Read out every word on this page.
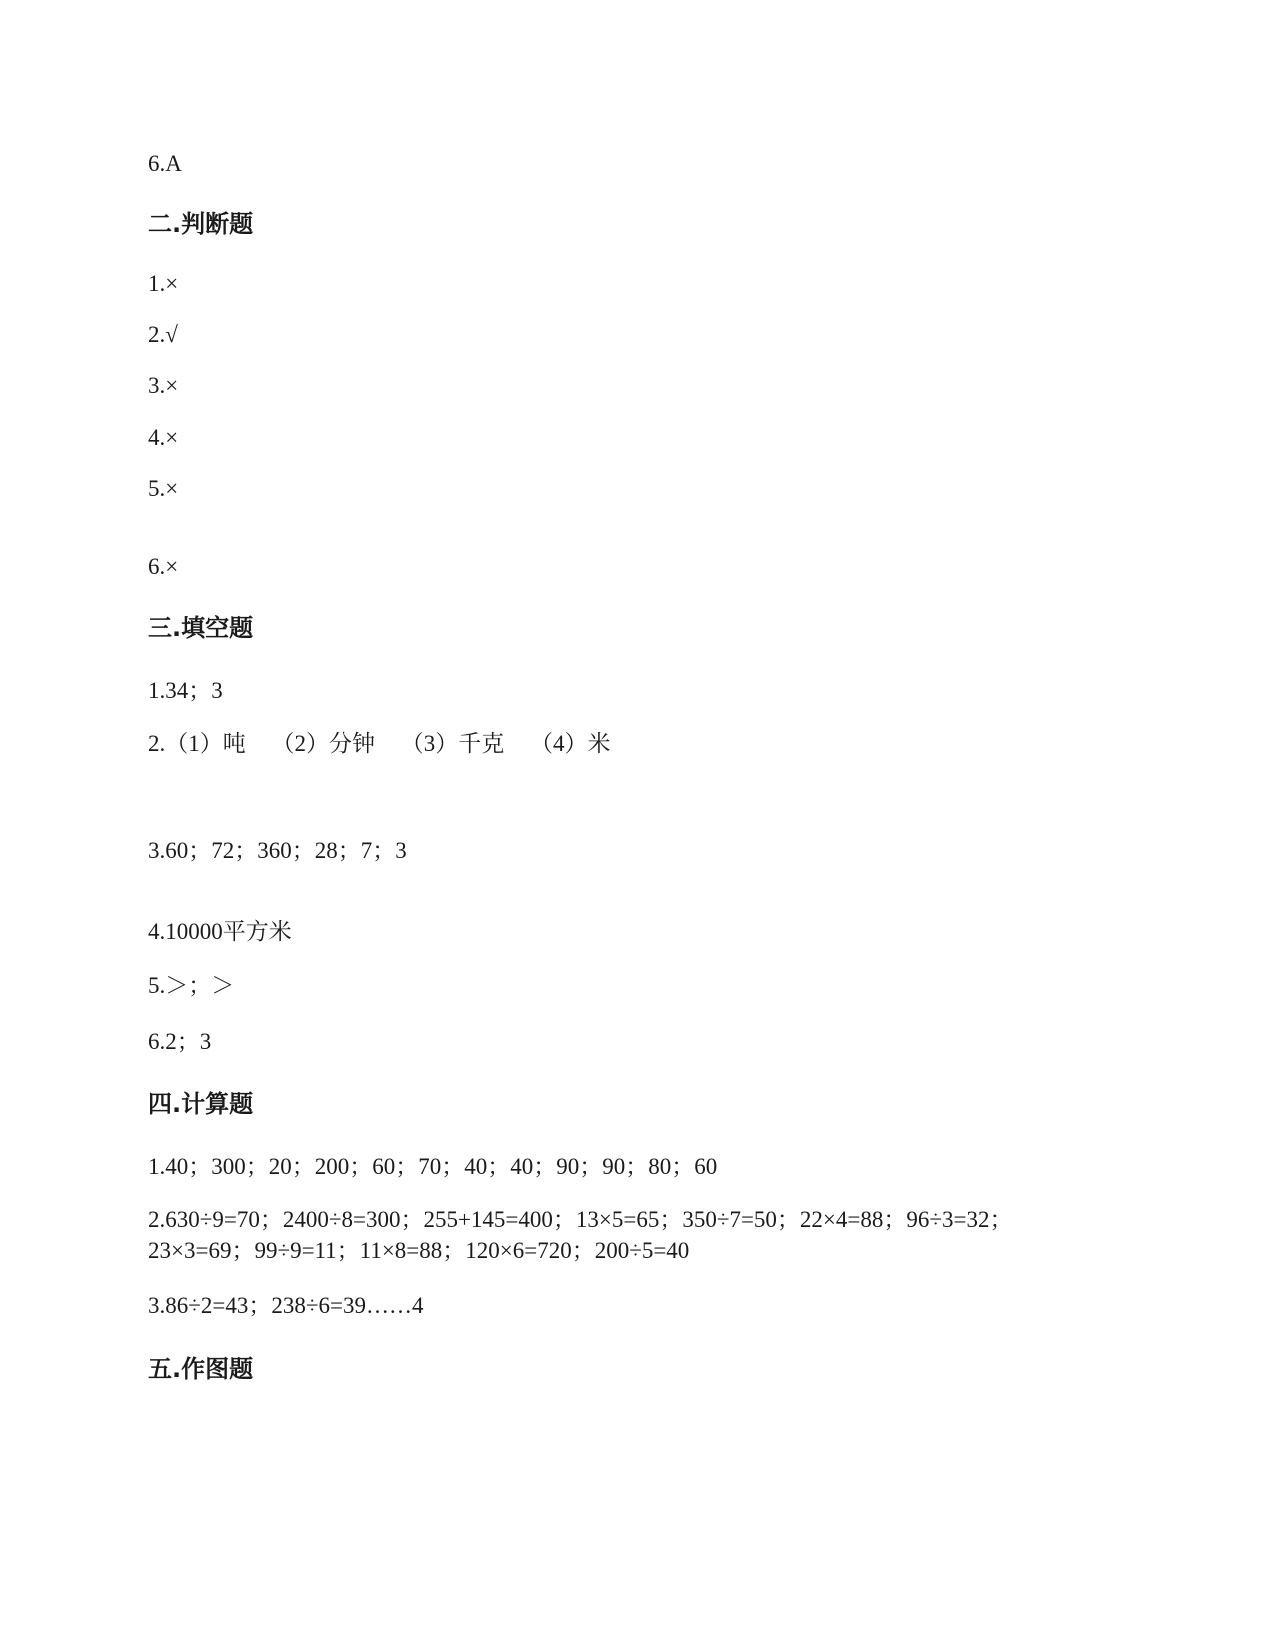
6.A
二.判断题
1.×
2.√
3.×
4.×
5.×
6.×
三.填空题
1.34；3
2.（1）吨 （2）分钟 （3）千克 （4）米
3.60；72；360；28；7；3
4.10000平方米
5.＞；＞
6.2；3
四.计算题
1.40；300；20；200；60；70；40；40；90；90；80；60
2.630÷9=70；2400÷8=300；255+145=400；13×5=65；350÷7=50；22×4=88；96÷3=32；
23×3=69；99÷9=11；11×8=88；120×6=720；200÷5=40
3.86÷2=43；238÷6=39……4
五.作图题
